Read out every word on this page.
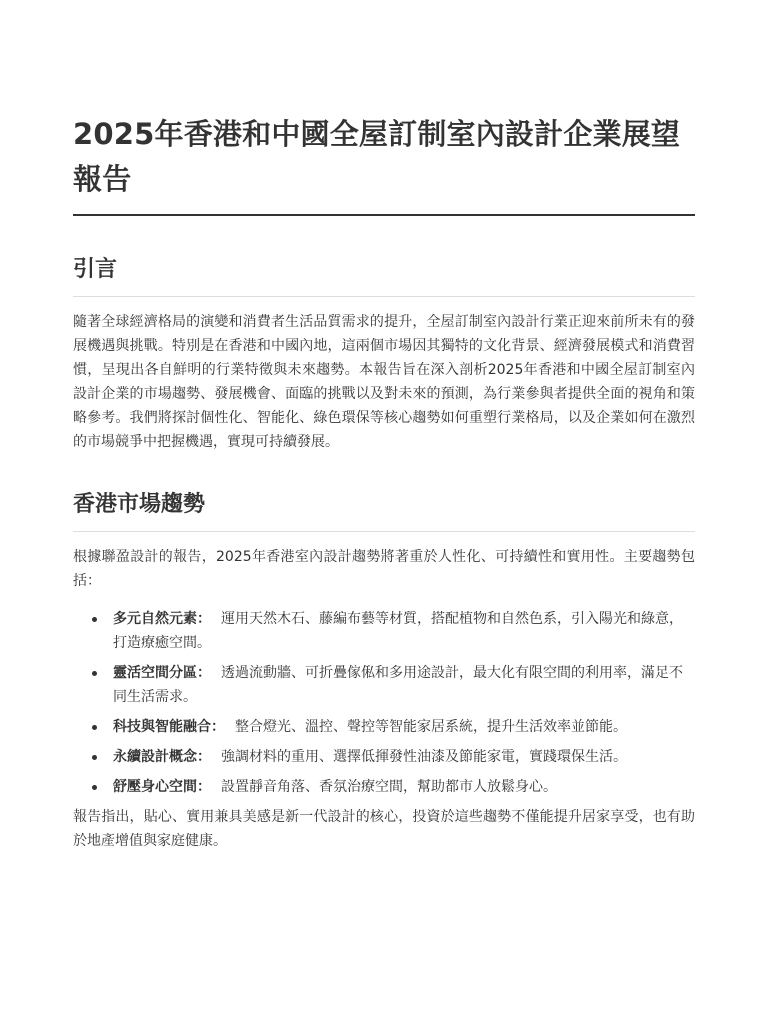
2025年香港和中國全屋訂制室內設計企業展望報告
引言

隨著全球經濟格局的演變和消費者生活品質需求的提升，全屋訂制室內設計行業正迎來前所未有的發展機遇與挑戰。特別是在香港和中國內地，這兩個市場因其獨特的文化背景、經濟發展模式和消費習慣，呈現出各自鮮明的行業特徵與未來趨勢。本報告旨在深入剖析2025年香港和中國全屋訂制室內設計企業的市場趨勢、發展機會、面臨的挑戰以及對未來的預測，為行業參與者提供全面的視角和策略參考。我們將探討個性化、智能化、綠色環保等核心趨勢如何重塑行業格局，以及企業如何在激烈的市場競爭中把握機遇，實現可持續發展。

香港市場趨勢

根據聯盈設計的報告，2025年香港室內設計趨勢將著重於人性化、可持續性和實用性。主要趨勢包括：

多元自然元素： 運用天然木石、藤編布藝等材質，搭配植物和自然色系，引入陽光和綠意，打造療癒空間。
靈活空間分區： 透過流動牆、可折疊傢俬和多用途設計，最大化有限空間的利用率，滿足不同生活需求。
科技與智能融合： 整合燈光、溫控、聲控等智能家居系統，提升生活效率並節能。
永續設計概念： 強調材料的重用、選擇低揮發性油漆及節能家電，實踐環保生活。
舒壓身心空間： 設置靜音角落、香氛治療空間，幫助都市人放鬆身心。

報告指出，貼心、實用兼具美感是新一代設計的核心，投資於這些趨勢不僅能提升居家享受，也有助於地產增值與家庭健康。
